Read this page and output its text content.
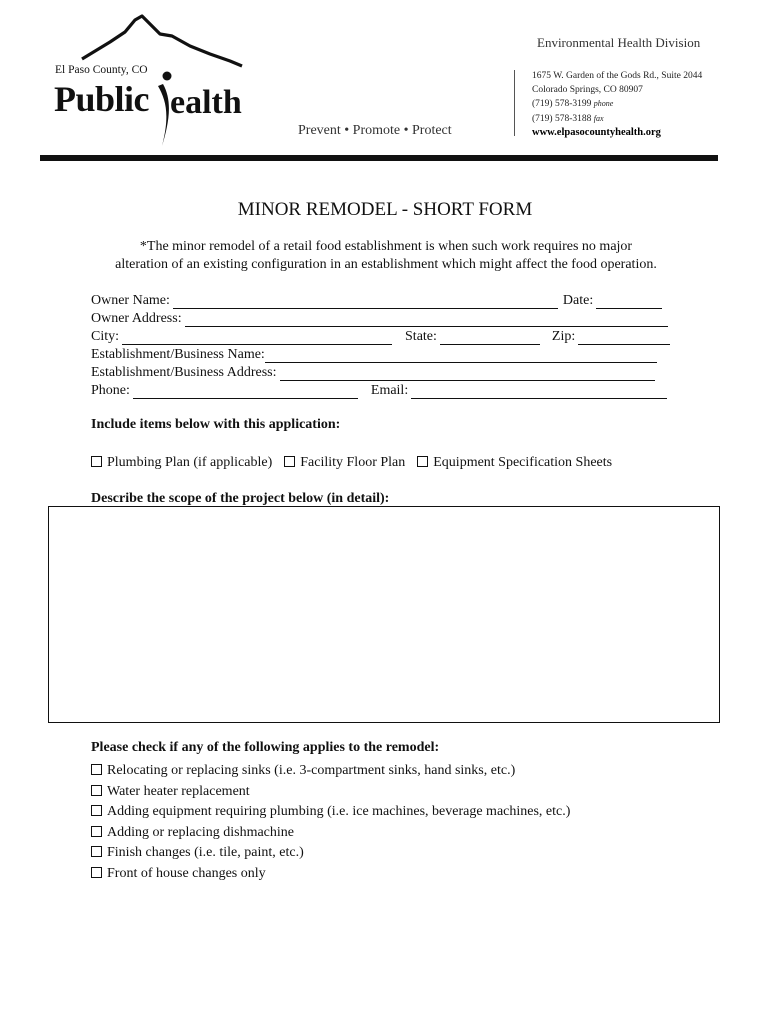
El Paso County, CO
Public ealth
Prevent • Promote • Protect
Environmental Health Division
1675 W. Garden of the Gods Rd., Suite 2044
Colorado Springs, CO 80907
(719) 578-3199 phone
(719) 578-3188 fax
www.elpasocountyhealth.org
MINOR REMODEL - SHORT FORM
*The minor remodel of a retail food establishment is when such work requires no major
alteration of an existing configuration in an establishment which might affect the food operation.
Owner Name:	Date:
Owner Address:
City:	State:	Zip:
Establishment/Business Name:
Establishment/Business Address:
Phone:	Email:
Include items below with this application:
Plumbing Plan (if applicable)	Facility Floor Plan	Equipment Specification Sheets
Describe the scope of the project below (in detail):
Please check if any of the following applies to the remodel:
Relocating or replacing sinks (i.e. 3-compartment sinks, hand sinks, etc.)
Water heater replacement
Adding equipment requiring plumbing (i.e. ice machines, beverage machines, etc.)
Adding or replacing dishmachine
Finish changes (i.e. tile, paint, etc.)
Front of house changes only
